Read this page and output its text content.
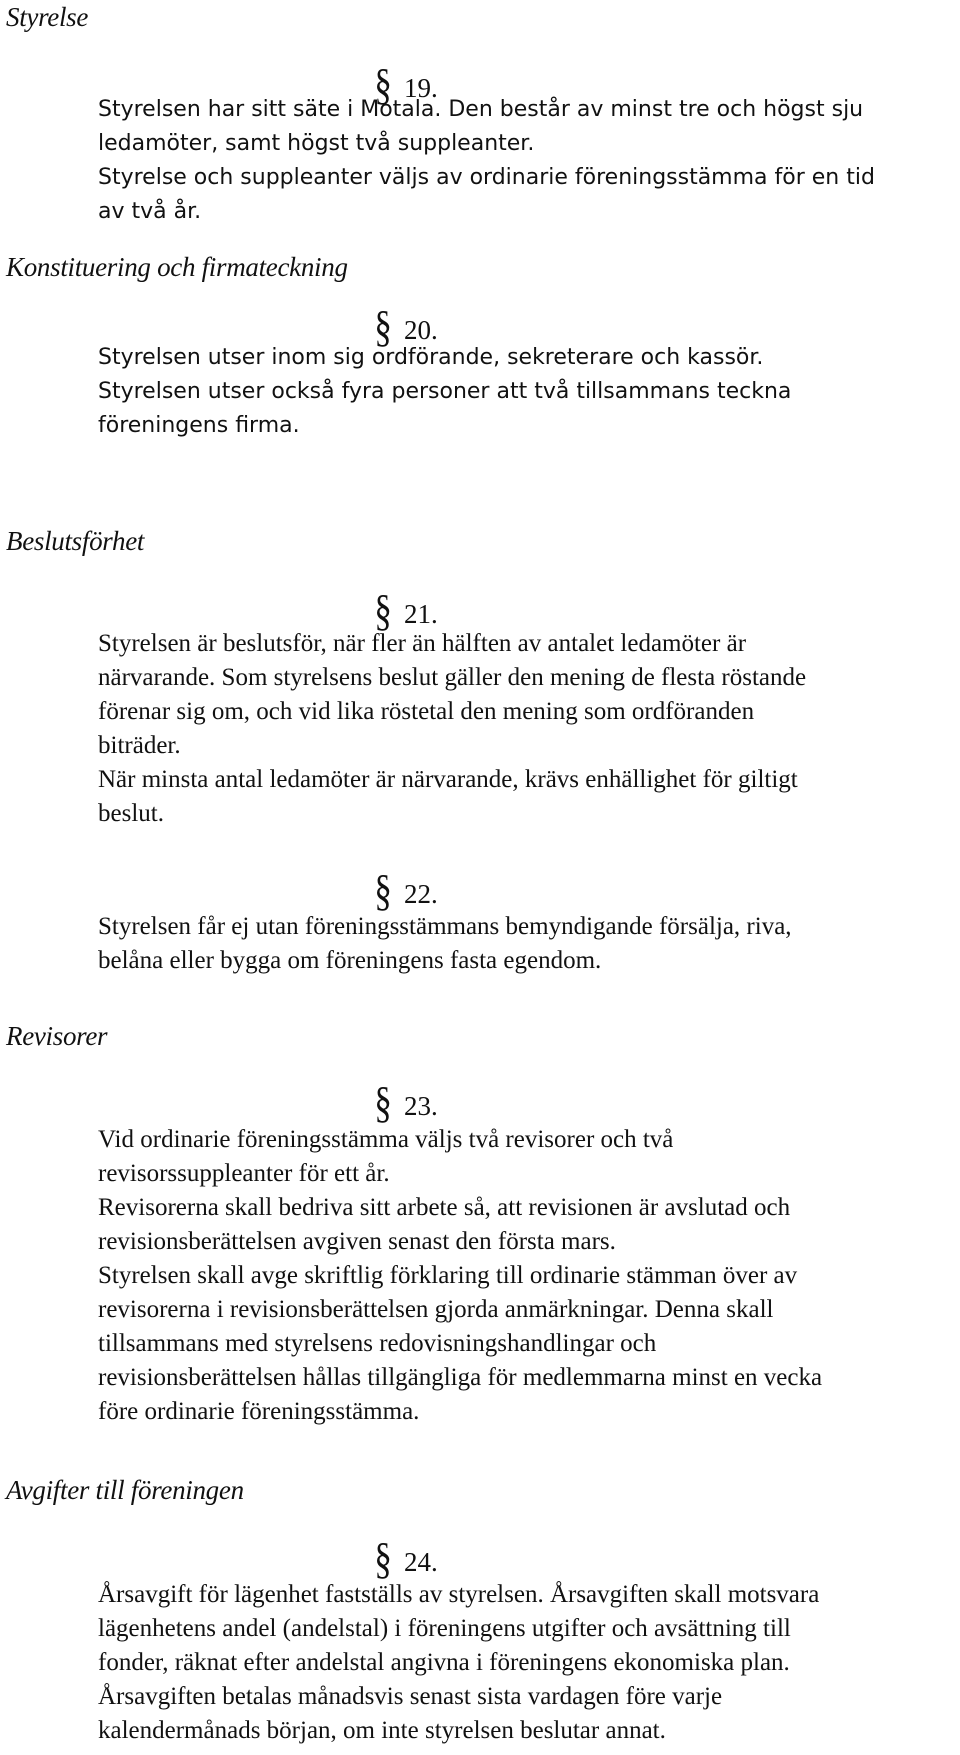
Styrelse
§ 19.
Styrelsen har sitt säte i Motala. Den består av minst tre och högst sju
ledamöter, samt högst två suppleanter.
Styrelse och suppleanter väljs av ordinarie föreningsstämma för en tid
av två år.
Konstituering och firmateckning
§ 20.
Styrelsen utser inom sig ordförande, sekreterare och kassör.
Styrelsen utser också fyra personer att två tillsammans teckna
föreningens firma.
Beslutsförhet
§ 21.
Styrelsen är beslutsför, när fler än hälften av antalet ledamöter är
närvarande. Som styrelsens beslut gäller den mening de flesta röstande
förenar sig om, och vid lika röstetal den mening som ordföranden
biträder.
När minsta antal ledamöter är närvarande, krävs enhällighet för giltigt
beslut.
§ 22.
Styrelsen får ej utan föreningsstämmans bemyndigande försälja, riva,
belåna eller bygga om föreningens fasta egendom.
Revisorer
§ 23.
Vid ordinarie föreningsstämma väljs två revisorer och två
revisorssuppleanter för ett år.
Revisorerna skall bedriva sitt arbete så, att revisionen är avslutad och
revisionsberättelsen avgiven senast den första mars.
Styrelsen skall avge skriftlig förklaring till ordinarie stämman över av
revisorerna i revisionsberättelsen gjorda anmärkningar. Denna skall
tillsammans med styrelsens redovisningshandlingar och
revisionsberättelsen hållas tillgängliga för medlemmarna minst en vecka
före ordinarie föreningsstämma.
Avgifter till föreningen
§ 24.
Årsavgift för lägenhet fastställs av styrelsen. Årsavgiften skall motsvara
lägenhetens andel (andelstal) i föreningens utgifter och avsättning till
fonder, räknat efter andelstal angivna i föreningens ekonomiska plan.
Årsavgiften betalas månadsvis senast sista vardagen före varje
kalendermånads början, om inte styrelsen beslutar annat.
